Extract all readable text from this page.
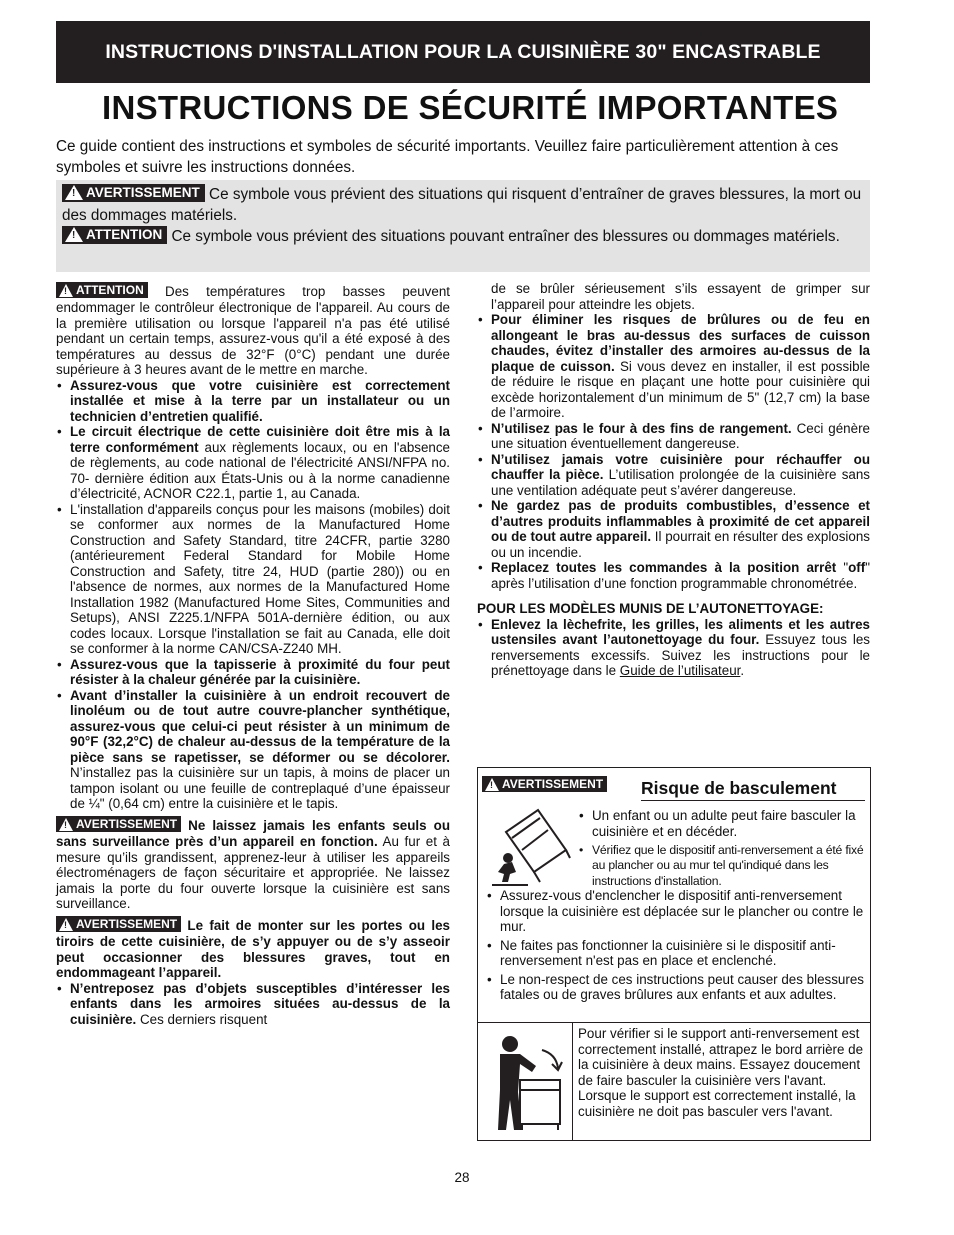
INSTRUCTIONS D'INSTALLATION POUR LA CUISINIÈRE 30" ENCASTRABLE
INSTRUCTIONS DE SÉCURITÉ IMPORTANTES
Ce guide contient des instructions et symboles de sécurité importants. Veuillez faire particulièrement attention à ces symboles et suivre les instructions données.
!
AVERTISSEMENT Ce symbole vous prévient des situations qui risquent d’entraîner de graves blessures, la mort ou des dommages matériels.
!
ATTENTION Ce symbole vous prévient des situations pouvant entraîner des blessures ou dommages matériels.

!
ATTENTION Des températures trop basses peuvent endommager le contrôleur électronique de l'appareil. Au cours de la première utilisation ou lorsque l'appareil n'a pas été utilisé pendant un certain temps, assurez-vous qu'il a été exposé à des températures au dessus de 32°F (0°C) pendant une durée supérieure à 3 heures avant de le mettre en marche.

• Assurez-vous que votre cuisinière est correctement installée et mise à la terre par un installateur ou un technicien d’entretien qualifié.
• Le circuit électrique de cette cuisinière doit être mis à la terre conformément aux règlements locaux, ou en l'absence de règlements, au code national de l'électricité ANSI/NFPA no. 70- dernière édition aux États-Unis ou à la norme canadienne d’électricité, ACNOR C22.1, partie 1, au Canada.
• L'installation d'appareils conçus pour les maisons (mobiles) doit se conformer aux normes de la Manufactured Home Construction and Safety Standard, titre 24CFR, partie 3280 (antérieurement Federal Standard for Mobile Home Construction and Safety, titre 24, HUD (partie 280)) ou en l'absence de normes, aux normes de la Manufactured Home Installation 1982 (Manufactured Home Sites, Communities and Setups), ANSI Z225.1/NFPA 501A-dernière édition, ou aux codes locaux. Lorsque l'installation se fait au Canada, elle doit se conformer à la norme CAN/CSA-Z240 MH.
• Assurez-vous que la tapisserie à proximité du four peut résister à la chaleur générée par la cuisinière.
• Avant d’installer la cuisinière à un endroit recouvert de linoléum ou de tout autre couvre-plancher synthétique, assurez-vous que celui-ci peut résister à un minimum de 90°F (32,2°C) de chaleur au-dessus de la température de la pièce sans se rapetisser, se déformer ou se décolorer. N’installez pas la cuisinière sur un tapis, à moins de placer un tampon isolant ou une feuille de contreplaqué d’une épaisseur de ¼" (0,64 cm) entre la cuisinière et le tapis.

!
AVERTISSEMENT Ne laissez jamais les enfants seuls ou sans surveillance près d’un appareil en fonction. Au fur et à mesure qu’ils grandissent, apprenez-leur à utiliser les appareils électroménagers de façon sécuritaire et appropriée. Ne laissez jamais la porte du four ouverte lorsque la cuisinière est sans surveillance.

!
AVERTISSEMENT Le fait de monter sur les portes ou les tiroirs de cette cuisinière, de s’y appuyer ou de s’y asseoir peut occasionner des blessures graves, tout en endommageant l’appareil.

• N’entreposez pas d’objets susceptibles d’intéresser les enfants dans les armoires situées au-dessus de la cuisinière. Ces derniers risquent

de se brûler sérieusement s’ils essayent de grimper sur l’appareil pour atteindre les objets.

• Pour éliminer les risques de brûlures ou de feu en allongeant le bras au-dessus des surfaces de cuisson chaudes, évitez d’installer des armoires au-dessus de la plaque de cuisson. Si vous devez en installer, il est possible de réduire le risque en plaçant une hotte pour cuisinière qui excède horizontalement d’un minimum de 5" (12,7 cm) la base de l’armoire.
• N’utilisez pas le four à des fins de rangement. Ceci génère une situation éventuellement dangereuse.
• N’utilisez jamais votre cuisinière pour réchauffer ou chauffer la pièce. L’utilisation prolongée de la cuisinière sans une ventilation adéquate peut s’avérer dangereuse.
• Ne gardez pas de produits combustibles, d’essence et d’autres produits inflammables à proximité de cet appareil ou de tout autre appareil. Il pourrait en résulter des explosions ou un incendie.
• Replacez toutes les commandes à la position arrêt "off" après l’utilisation d’une fonction programmable chronométrée.

POUR LES MODÈLES MUNIS DE L’AUTONETTOYAGE:

• Enlevez la lèchefrite, les grilles, les aliments et les autres ustensiles avant l’autonettoyage du four. Essuyez tous les renversements excessifs. Suivez les instructions pour le prénettoyage dans le Guide de l’utilisateur.
!
AVERTISSEMENT Risque de basculement
• Un enfant ou un adulte peut faire basculer la cuisinière et en décéder.
• Vérifiez que le dispositif anti-renversement a été fixé au plancher ou au mur tel qu'indiqué dans les instructions d'installation.
• Assurez-vous d'enclencher le dispositif anti-renversement lorsque la cuisinière est déplacée sur le plancher ou contre le mur.
• Ne faites pas fonctionner la cuisinière si le dispositif anti-renversement n'est pas en place et enclenché.
• Le non-respect de ces instructions peut causer des blessures fatales ou de graves brûlures aux enfants et aux adultes.
Pour vérifier si le support anti-renversement est correctement installé, attrapez le bord arrière de la cuisinière à deux mains. Essayez doucement de faire basculer la cuisinière vers l'avant. Lorsque le support est correctement installé, la cuisinière ne doit pas basculer vers l'avant.
28
